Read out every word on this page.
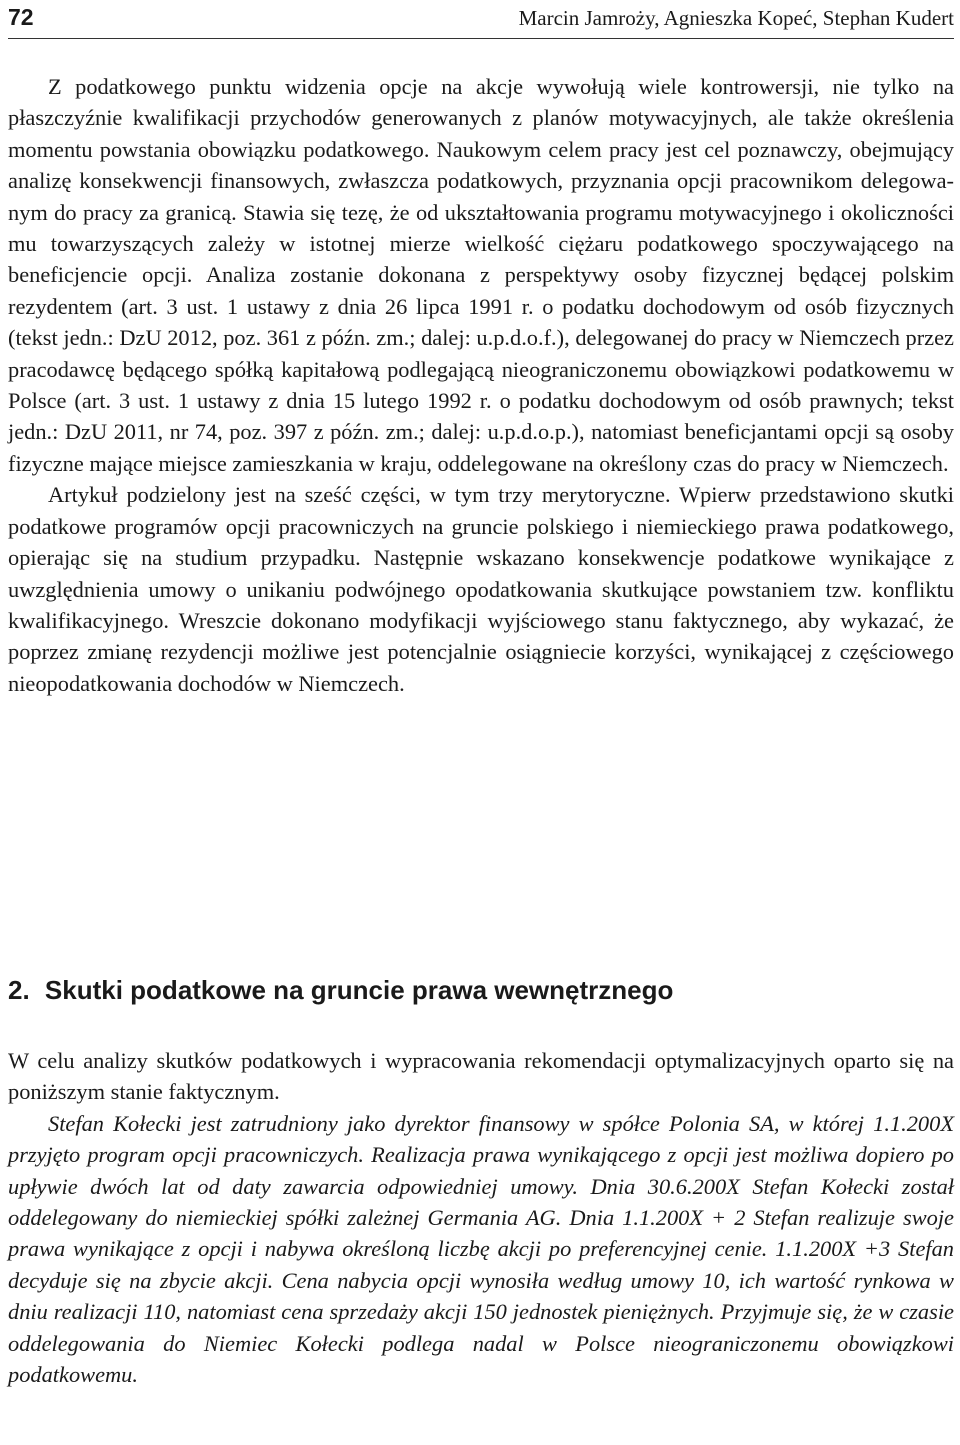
72	Marcin Jamroży, Agnieszka Kopeć, Stephan Kudert

Z podatkowego punktu widzenia opcje na akcje wywołują wiele kontrowersji, nie tylko na płaszczyźnie kwalifikacji przychodów generowanych z planów motywacyjnych, ale także określenia momentu powstania obowiązku podatkowego. Naukowym celem pracy jest cel poznawczy, obejmujący analizę konsekwencji finansowych, zwłaszcza podatkowych, przyznania opcji pracownikom delegowanym do pracy za granicą. Stawia się tezę, że od ukształtowania programu motywacyjnego i okoliczności mu towarzyszących zależy w istotnej mierze wielkość ciężaru podatkowego spoczywającego na beneficjencie opcji. Analiza zostanie dokonana z perspektywy osoby fizycznej będącej polskim rezydentem (art. 3 ust. 1 ustawy z dnia 26 lipca 1991 r. o podatku dochodowym od osób fizycznych (tekst jedn.: DzU 2012, poz. 361 z późn. zm.; dalej: u.p.d.o.f.), delegowanej do pracy w Niemczech przez pracodawcę będącego spółką kapitałową podlegającą nieograniczonemu obowiązkowi podatkowemu w Polsce (art. 3 ust. 1 ustawy z dnia 15 lutego 1992 r. o podatku dochodowym od osób prawnych; tekst jedn.: DzU 2011, nr 74, poz. 397 z późn. zm.; dalej: u.p.d.o.p.), natomiast beneficjantami opcji są osoby fizyczne mające miejsce zamieszkania w kraju, oddelegowane na określony czas do pracy w Niemczech.

Artykuł podzielony jest na sześć części, w tym trzy merytoryczne. Wpierw przedstawiono skutki podatkowe programów opcji pracowniczych na gruncie polskiego i niemieckiego prawa podatkowego, opierając się na studium przypadku. Następnie wskazano konsekwencje podatkowe wynikające z uwzględnienia umowy o unikaniu podwójnego opodatkowania skutkujące powstaniem tzw. konfliktu kwalifikacyjnego. Wreszcie dokonano modyfikacji wyjściowego stanu faktycznego, aby wykazać, że poprzez zmianę rezydencji możliwe jest potencjalnie osiągniecie korzyści, wynikającej z częściowego nieopodatkowania dochodów w Niemczech.

2. Skutki podatkowe na gruncie prawa wewnętrznego

W celu analizy skutków podatkowych i wypracowania rekomendacji optymalizacyjnych oparto się na poniższym stanie faktycznym.

Stefan Kołecki jest zatrudniony jako dyrektor finansowy w spółce Polonia SA, w której 1.1.200X przyjęto program opcji pracowniczych. Realizacja prawa wynikającego z opcji jest możliwa dopiero po upływie dwóch lat od daty zawarcia odpowiedniej umowy. Dnia 30.6.200X Stefan Kołecki został oddelegowany do niemieckiej spółki zależnej Germania AG. Dnia 1.1.200X + 2 Stefan realizuje swoje prawa wynikające z opcji i nabywa określoną liczbę akcji po preferencyjnej cenie. 1.1.200X +3 Stefan decyduje się na zbycie akcji. Cena nabycia opcji wynosiła według umowy 10, ich wartość rynkowa w dniu realizacji 110, natomiast cena sprzedaży akcji 150 jednostek pieniężnych. Przyjmuje się, że w czasie oddelegowania do Niemiec Kołecki podlega nadal w Polsce nieograniczonemu obowiązkowi podatkowemu.
